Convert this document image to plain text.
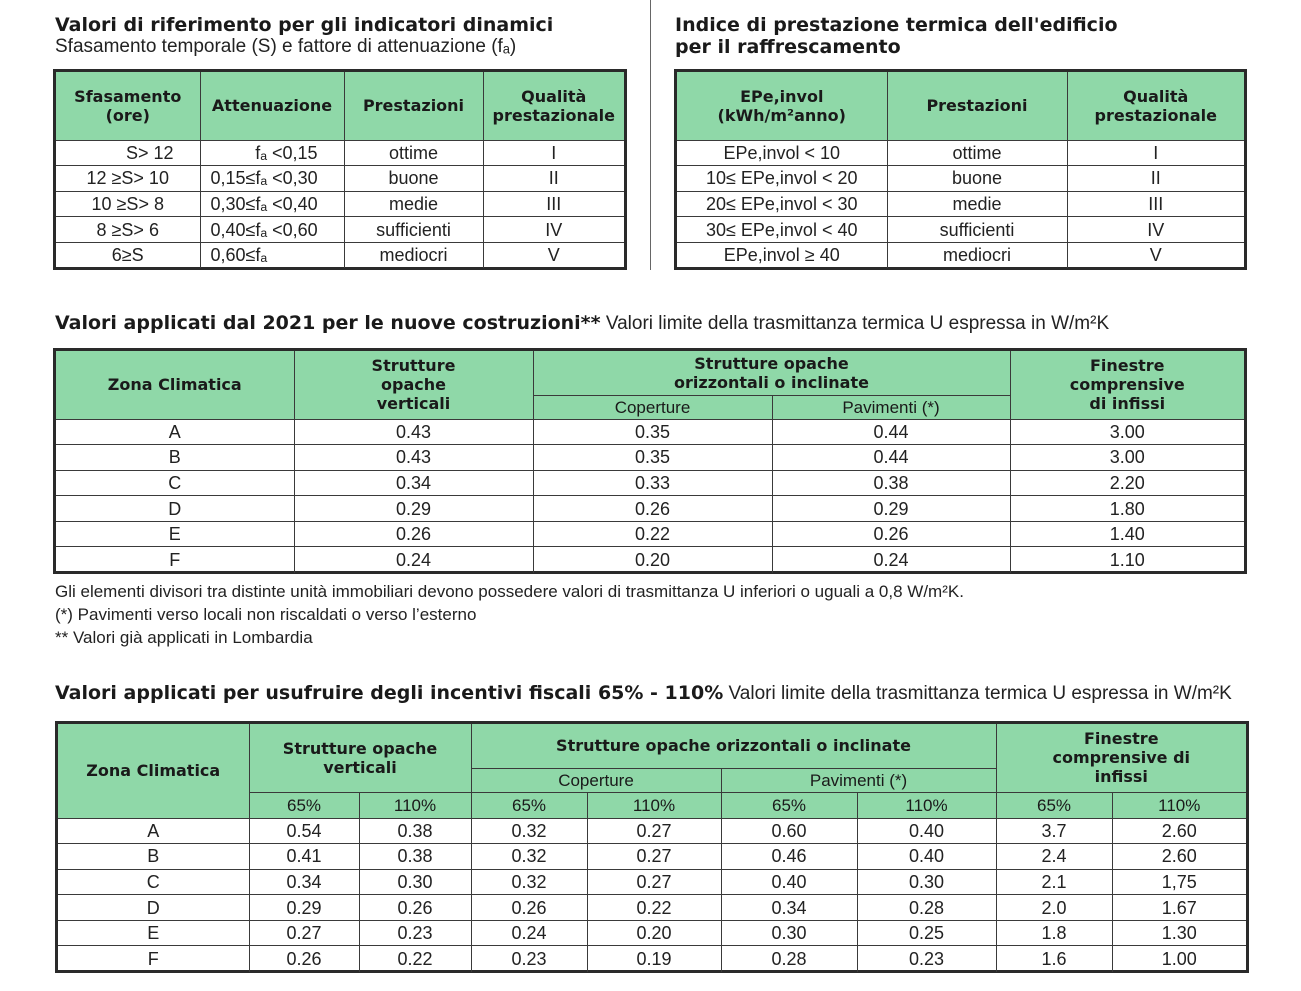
Valori di riferimento per gli indicatori dinamici
Sfasamento temporale (S) e fattore di attenuazione (fₐ)
Sfasamento (ore)	Attenuazione	Prestazioni	Qualità prestazionale
S> 12	fₐ <0,15	ottime	I
12 ≥S> 10	0,15≤fₐ <0,30	buone	II
10 ≥S> 8	0,30≤fₐ <0,40	medie	III
8 ≥S> 6	0,40≤fₐ <0,60	sufficienti	IV
6≥S	0,60≤fₐ	mediocri	V
Indice di prestazione termica dell'edificio
per il raffrescamento
EPe,invol (kWh/m²anno)	Prestazioni	Qualità prestazionale
EPe,invol < 10	ottime	I
10≤ EPe,invol < 20	buone	II
20≤ EPe,invol < 30	medie	III
30≤ EPe,invol < 40	sufficienti	IV
EPe,invol ≥ 40	mediocri	V
Valori applicati dal 2021 per le nuove costruzioni** Valori limite della trasmittanza termica U espressa in W/m²K
Zona Climatica	Strutture opache verticali	Strutture opache orizzontali o inclinate		Finestre comprensive di infissi
		Coperture	Pavimenti (*)	
A	0.43	0.35	0.44	3.00
B	0.43	0.35	0.44	3.00
C	0.34	0.33	0.38	2.20
D	0.29	0.26	0.29	1.80
E	0.26	0.22	0.26	1.40
F	0.24	0.20	0.24	1.10
Gli elementi divisori tra distinte unità immobiliari devono possedere valori di trasmittanza U inferiori o uguali a 0,8 W/m²K.
(*) Pavimenti verso locali non riscaldati o verso l’esterno
** Valori già applicati in Lombardia
Valori applicati per usufruire degli incentivi fiscali 65% - 110% Valori limite della trasmittanza termica U espressa in W/m²K
Zona Climatica	Strutture opache verticali		Strutture opache orizzontali o inclinate				Finestre comprensive di infissi	
			Coperture		Pavimenti (*)			
	65%	110%	65%	110%	65%	110%	65%	110%
A	0.54	0.38	0.32	0.27	0.60	0.40	3.7	2.60
B	0.41	0.38	0.32	0.27	0.46	0.40	2.4	2.60
C	0.34	0.30	0.32	0.27	0.40	0.30	2.1	1,75
D	0.29	0.26	0.26	0.22	0.34	0.28	2.0	1.67
E	0.27	0.23	0.24	0.20	0.30	0.25	1.8	1.30
F	0.26	0.22	0.23	0.19	0.28	0.23	1.6	1.00
